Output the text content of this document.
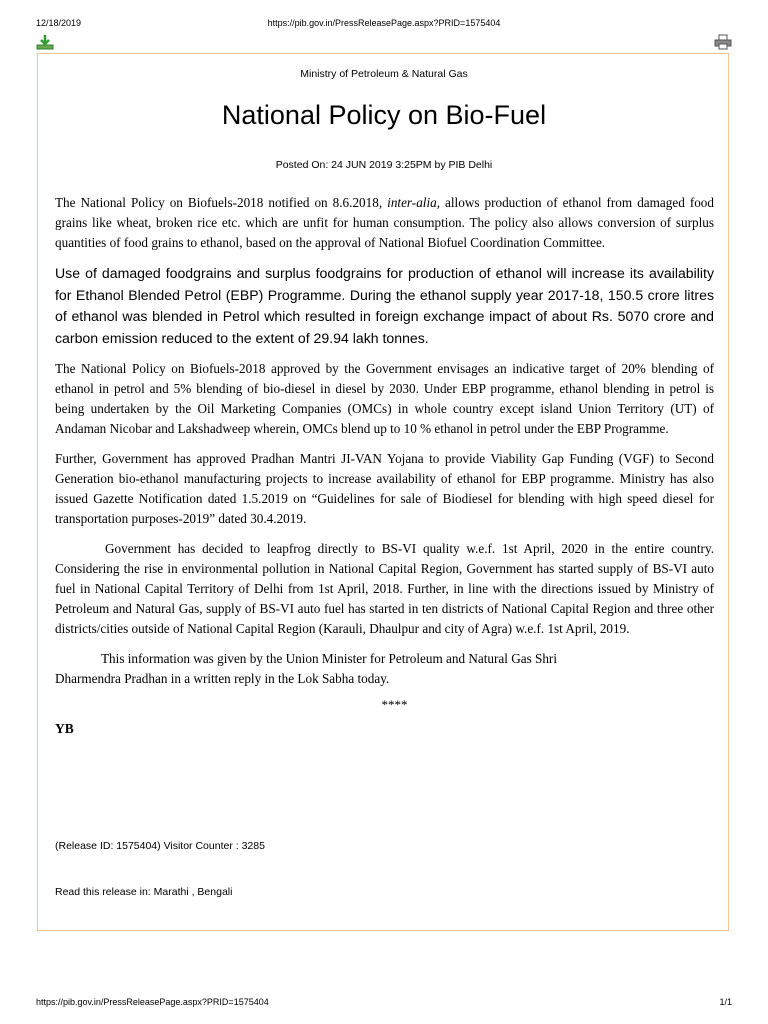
12/18/2019	https://pib.gov.in/PressReleasePage.aspx?PRID=1575404
Ministry of Petroleum & Natural Gas
National Policy on Bio-Fuel
Posted On: 24 JUN 2019 3:25PM by PIB Delhi

The National Policy on Biofuels-2018 notified on 8.6.2018, inter-alia, allows production of ethanol from damaged food grains like wheat, broken rice etc. which are unfit for human consumption. The policy also allows conversion of surplus quantities of food grains to ethanol, based on the approval of National Biofuel Coordination Committee.

Use of damaged foodgrains and surplus foodgrains for production of ethanol will increase its availability for Ethanol Blended Petrol (EBP) Programme. During the ethanol supply year 2017-18, 150.5 crore litres of ethanol was blended in Petrol which resulted in foreign exchange impact of about Rs. 5070 crore and carbon emission reduced to the extent of 29.94 lakh tonnes.

The National Policy on Biofuels-2018 approved by the Government envisages an indicative target of 20% blending of ethanol in petrol and 5% blending of bio-diesel in diesel by 2030. Under EBP programme, ethanol blending in petrol is being undertaken by the Oil Marketing Companies (OMCs) in whole country except island Union Territory (UT) of Andaman Nicobar and Lakshadweep wherein, OMCs blend up to 10 % ethanol in petrol under the EBP Programme.

Further, Government has approved Pradhan Mantri JI-VAN Yojana to provide Viability Gap Funding (VGF) to Second Generation bio-ethanol manufacturing projects to increase availability of ethanol for EBP programme. Ministry has also issued Gazette Notification dated 1.5.2019 on “Guidelines for sale of Biodiesel for blending with high speed diesel for transportation purposes-2019” dated 30.4.2019.

Government has decided to leapfrog directly to BS-VI quality w.e.f. 1st April, 2020 in the entire country. Considering the rise in environmental pollution in National Capital Region, Government has started supply of BS-VI auto fuel in National Capital Territory of Delhi from 1st April, 2018. Further, in line with the directions issued by Ministry of Petroleum and Natural Gas, supply of BS-VI auto fuel has started in ten districts of National Capital Region and three other districts/cities outside of National Capital Region (Karauli, Dhaulpur and city of Agra) w.e.f. 1st April, 2019.

This information was given by the Union Minister for Petroleum and Natural Gas Shri
Dharmendra Pradhan in a written reply in the Lok Sabha today.

****

YB

(Release ID: 1575404) Visitor Counter : 3285
Read this release in: Marathi , Bengali
https://pib.gov.in/PressReleasePage.aspx?PRID=1575404	1/1
